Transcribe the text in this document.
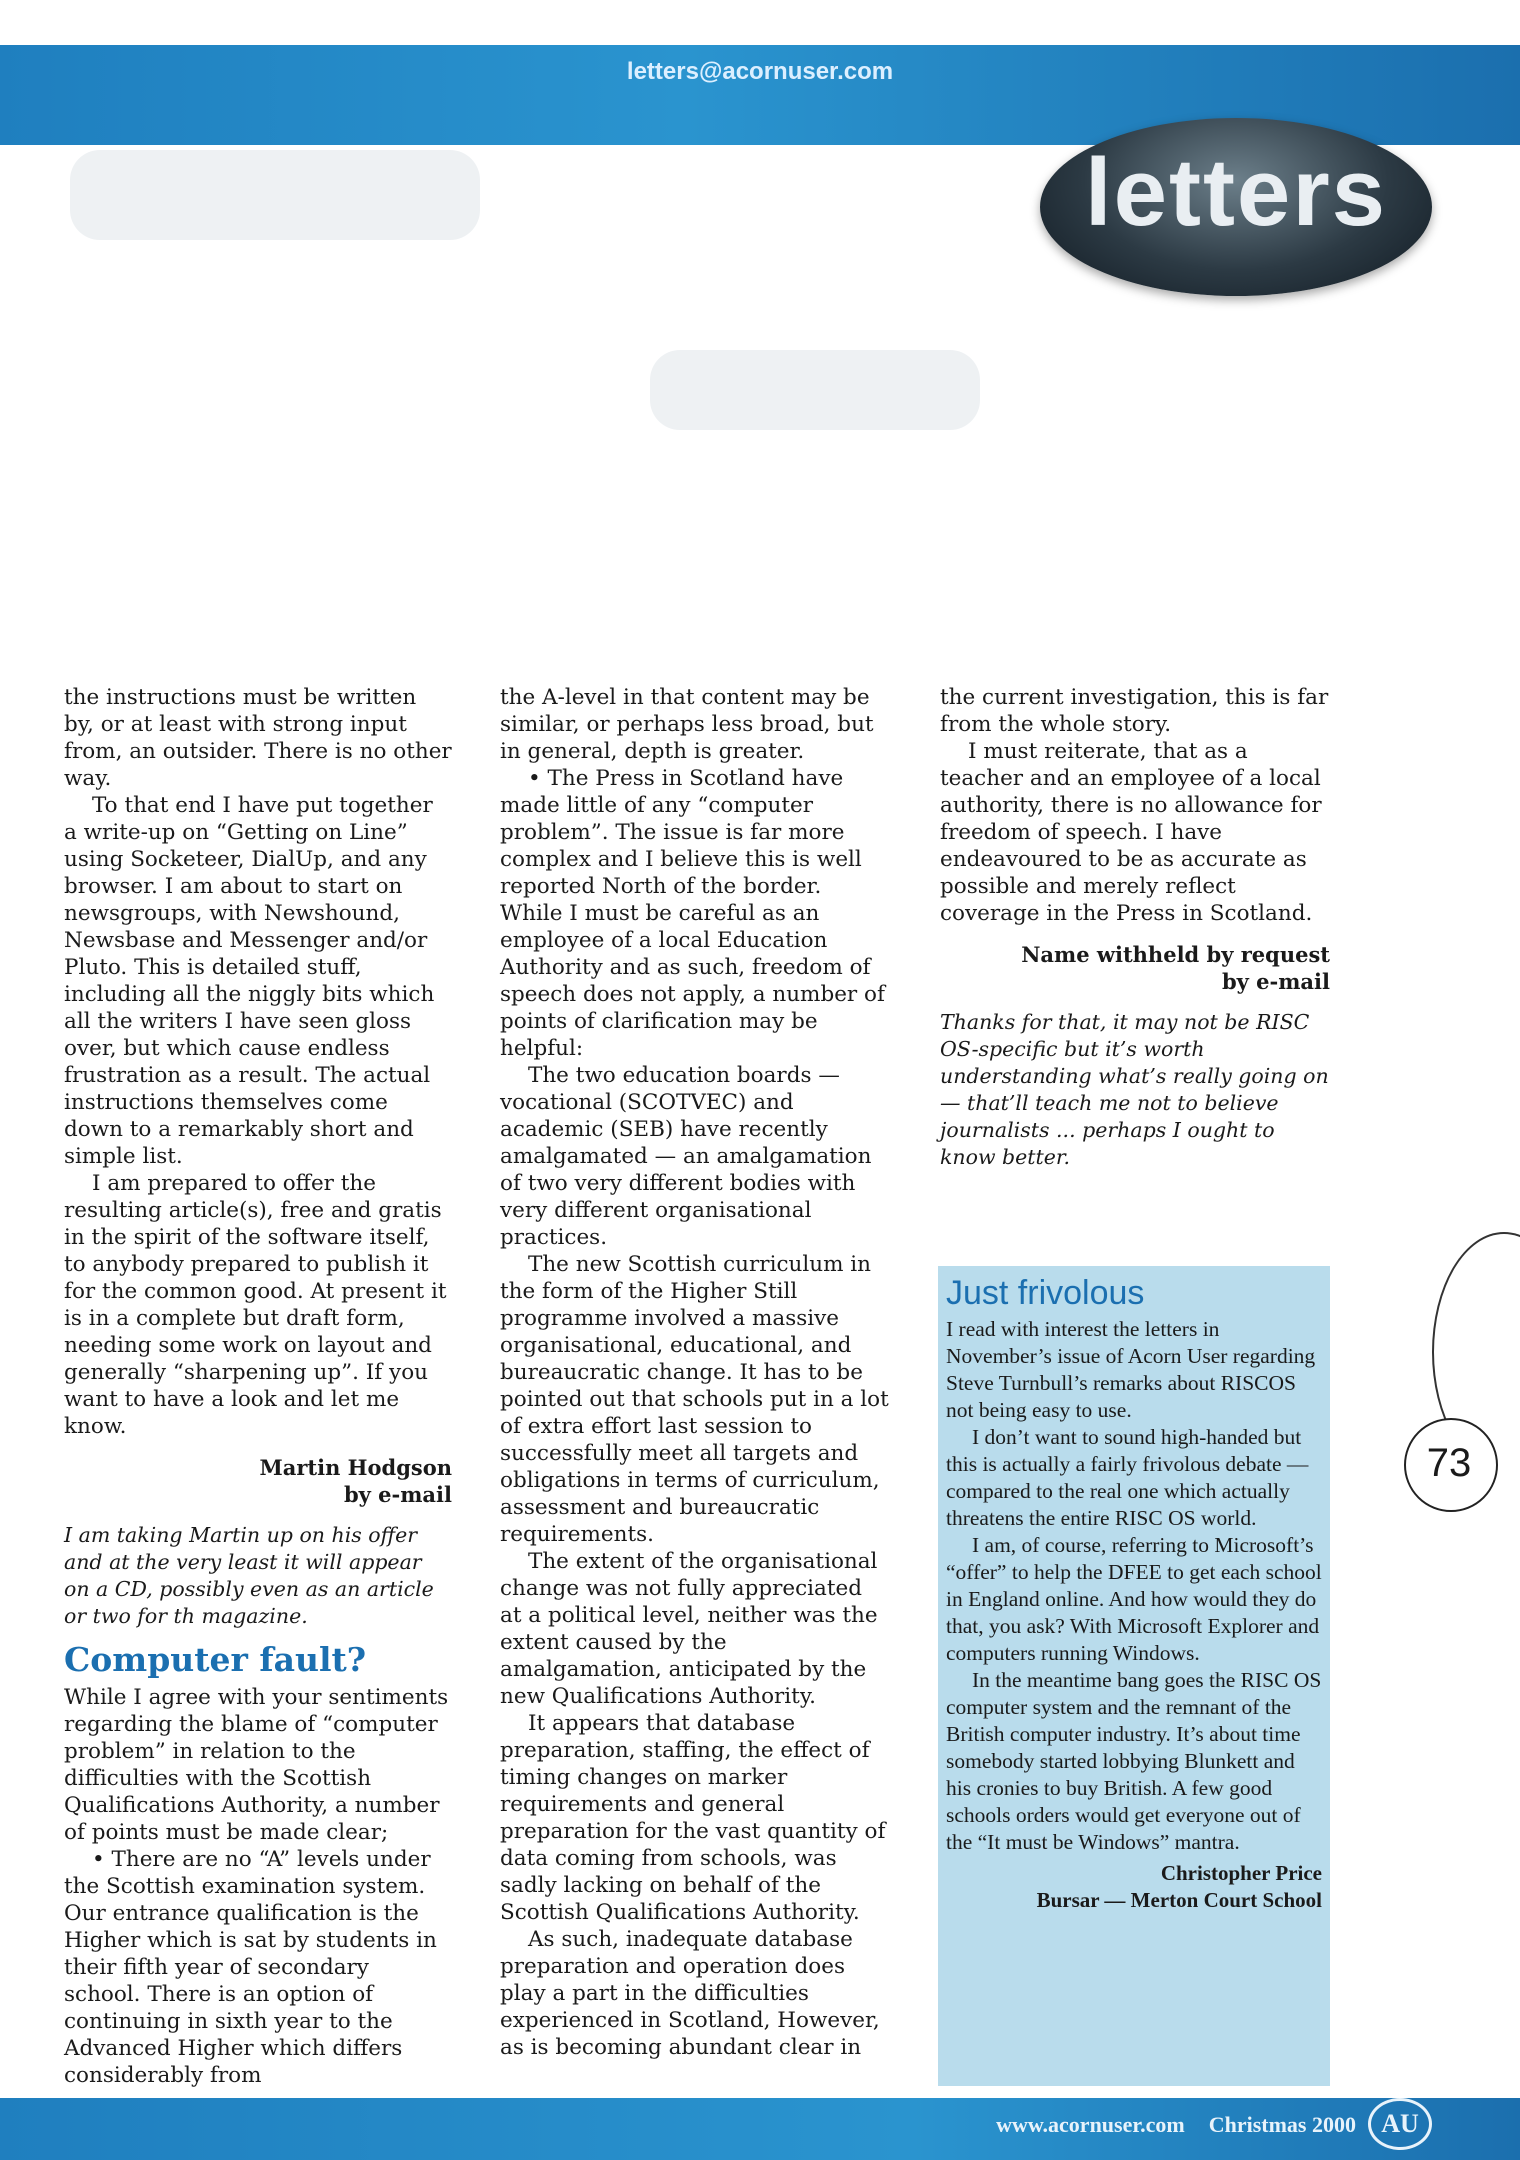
letters@acornuser.com
letters

the instructions must be written by, or at least with strong input from, an outsider. There is no other way.

To that end I have put together a write-up on “Getting on Line” using Socketeer, DialUp, and any browser. I am about to start on newsgroups, with Newshound, Newsbase and Messenger and/or Pluto. This is detailed stuff, including all the niggly bits which all the writers I have seen gloss over, but which cause endless frustration as a result. The actual instructions themselves come down to a remarkably short and simple list.

I am prepared to offer the resulting article(s), free and gratis in the spirit of the software itself, to anybody prepared to publish it for the common good. At present it is in a complete but draft form, needing some work on layout and generally “sharpening up”. If you want to have a look and let me know.

Martin Hodgson
by e-mail
I am taking Martin up on his offer and at the very least it will appear on a CD, possibly even as an article or two for th magazine.
Computer fault?

While I agree with your sentiments regarding the blame of “computer problem” in relation to the difficulties with the Scottish Qualifications Authority, a number of points must be made clear;

• There are no “A” levels under the Scottish examination system. Our entrance qualification is the Higher which is sat by students in their fifth year of secondary school. There is an option of continuing in sixth year to the Advanced Higher which differs considerably from

the A-level in that content may be similar, or perhaps less broad, but in general, depth is greater.

• The Press in Scotland have made little of any “computer problem”. The issue is far more complex and I believe this is well reported North of the border. While I must be careful as an employee of a local Education Authority and as such, freedom of speech does not apply, a number of points of clarification may be helpful:

The two education boards — vocational (SCOTVEC) and academic (SEB) have recently amalgamated — an amalgamation of two very different bodies with very different organisational practices.

The new Scottish curriculum in the form of the Higher Still programme involved a massive organisational, educational, and bureaucratic change. It has to be pointed out that schools put in a lot of extra effort last session to successfully meet all targets and obligations in terms of curriculum, assessment and bureaucratic requirements.

The extent of the organisational change was not fully appreciated at a political level, neither was the extent caused by the amalgamation, anticipated by the new Qualifications Authority.

It appears that database preparation, staffing, the effect of timing changes on marker requirements and general preparation for the vast quantity of data coming from schools, was sadly lacking on behalf of the Scottish Qualifications Authority.

As such, inadequate database preparation and operation does play a part in the difficulties experienced in Scotland, However, as is becoming abundant clear in

the current investigation, this is far from the whole story.

I must reiterate, that as a teacher and an employee of a local authority, there is no allowance for freedom of speech. I have endeavoured to be as accurate as possible and merely reflect coverage in the Press in Scotland.

Name withheld by request
by e-mail
Thanks for that, it may not be RISC OS-specific but it’s worth understanding what’s really going on — that’ll teach me not to believe journalists ... perhaps I ought to know better.
Just frivolous

I read with interest the letters in November’s issue of Acorn User regarding Steve Turnbull’s remarks about RISCOS not being easy to use.

I don’t want to sound high-handed but this is actually a fairly frivolous debate — compared to the real one which actually threatens the entire RISC OS world.

I am, of course, referring to Microsoft’s “offer” to help the DFEE to get each school in England online. And how would they do that, you ask? With Microsoft Explorer and computers running Windows.

In the meantime bang goes the RISC OS computer system and the remnant of the British computer industry. It’s about time somebody started lobbying Blunkett and his cronies to buy British. A few good schools orders would get everyone out of the “It must be Windows” mantra.

Christopher Price
Bursar — Merton Court School
73
www.acornuser.com Christmas 2000 AU
